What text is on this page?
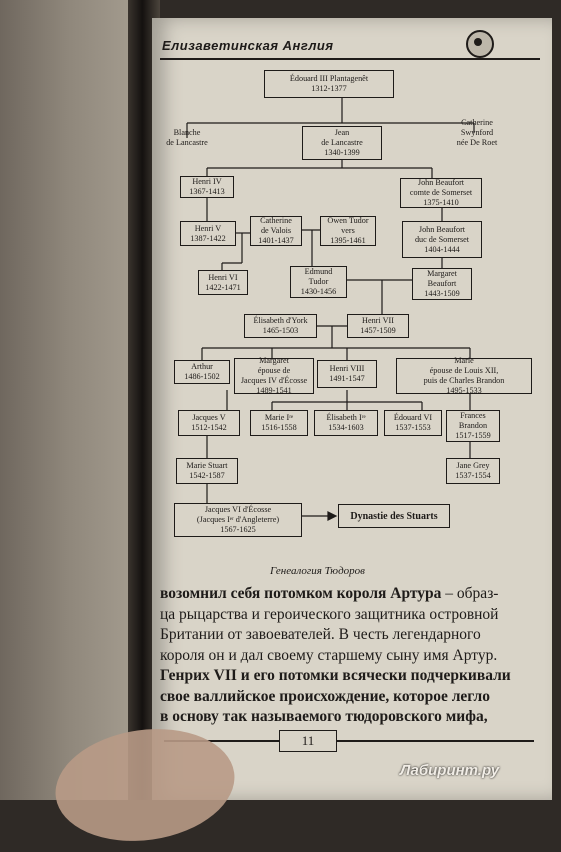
Елизаветинская Англия
Édouard III Plantagenêt
1312-1377
Blanche
de Lancastre
Jean
de Lancastre
1340-1399
Catherine
Swynford
née De Roet
Henri IV
1367-1413
John Beaufort
comte de Somerset
1375-1410
Henri V
1387-1422
Catherine
de Valois
1401-1437
Owen Tudor
vers
1395-1461
John Beaufort
duc de Somerset
1404-1444
Henri VI
1422-1471
Edmund
Tudor
1430-1456
Margaret
Beaufort
1443-1509
Élisabeth d'York
1465-1503
Henri VII
1457-1509
Arthur
1486-1502
Margaret
épouse de
Jacques IV d'Écosse
1489-1541
Henri VIII
1491-1547
Marie
épouse de Louis XII,
puis de Charles Brandon
1495-1533
Jacques V
1512-1542
Marie Iʳᵉ
1516-1558
Élisabeth Iʳᵉ
1534-1603
Édouard VI
1537-1553
Frances
Brandon
1517-1559
Marie Stuart
1542-1587
Jane Grey
1537-1554
Jacques VI d'Écosse
(Jacques Iᵉʳ d'Angleterre)
1567-1625
Dynastie des Stuarts
Генеалогия Тюдоров
возомнил себя потомком короля Артура – образ-
ца рыцарства и героического защитника островной
Британии от завоевателей. В честь легендарного
короля он и дал своему старшему сыну имя Артур.
Генрих VII и его потомки всячески подчеркивали
свое валлийское происхождение, которое легло
в основу так называемого тюдоровского мифа,
11
Лабиринт.ру
